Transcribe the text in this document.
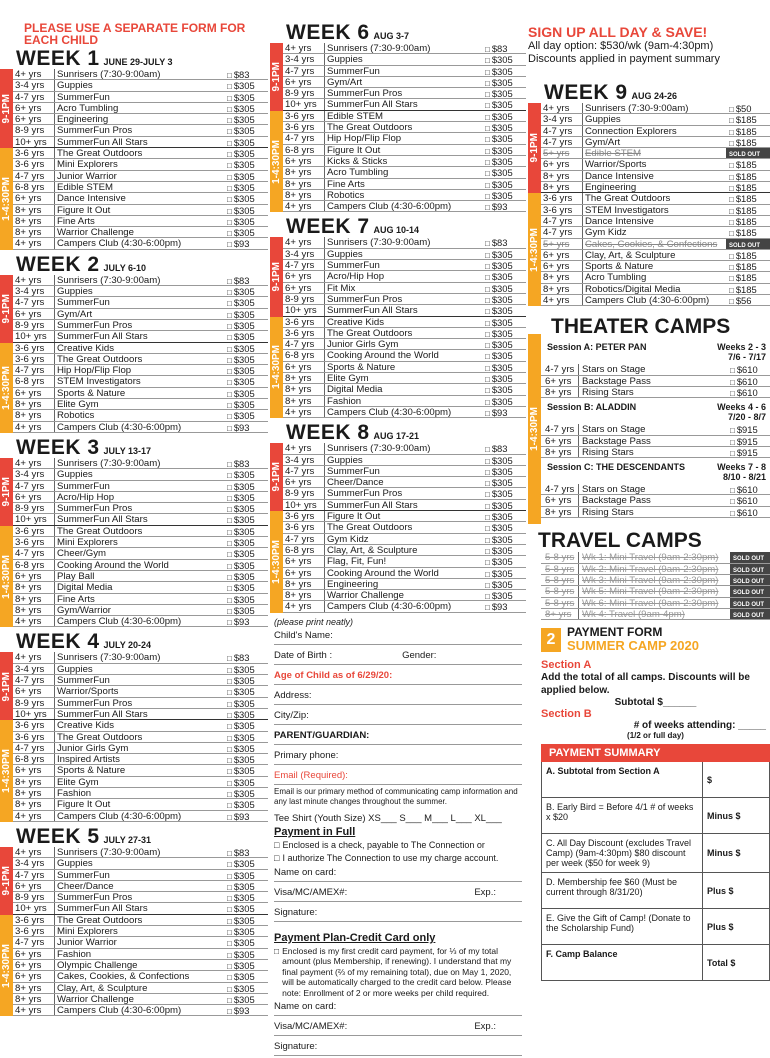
PLEASE USE A SEPARATE FORM FOR EACH CHILD
9-1PM
1-4:30PM
WEEK 1 JUNE 29-JULY 3
4+ yrs	Sunrisers (7:30-9:00am)	□ $83
3-4 yrs	Guppies	□ $305
4-7 yrs	SummerFun	□ $305
6+ yrs	Acro Tumbling	□ $305
6+ yrs	Engineering	□ $305
8-9 yrs	SummerFun Pros	□ $305
10+ yrs	SummerFun All Stars	□ $305
3-6 yrs	The Great Outdoors	□ $305
3-6 yrs	Mini Explorers	□ $305
4-7 yrs	Junior Warrior	□ $305
6-8 yrs	Edible STEM	□ $305
6+ yrs	Dance Intensive	□ $305
8+ yrs	Figure It Out	□ $305
8+ yrs	Fine Arts	□ $305
8+ yrs	Warrior Challenge	□ $305
4+ yrs	Campers Club (4:30-6:00pm)	□ $93
9-1PM
1-4:30PM
WEEK 2 JULY 6-10
4+ yrs	Sunrisers (7:30-9:00am)	□ $83
3-4 yrs	Guppies	□ $305
4-7 yrs	SummerFun	□ $305
6+ yrs	Gym/Art	□ $305
8-9 yrs	SummerFun Pros	□ $305
10+ yrs	SummerFun All Stars	□ $305
3-6 yrs	Creative Kids	□ $305
3-6 yrs	The Great Outdoors	□ $305
4-7 yrs	Hip Hop/Flip Flop	□ $305
6-8 yrs	STEM Investigators	□ $305
6+ yrs	Sports & Nature	□ $305
8+ yrs	Elite Gym	□ $305
8+ yrs	Robotics	□ $305
4+ yrs	Campers Club (4:30-6:00pm)	□ $93
9-1PM
1-4:30PM
WEEK 3 JULY 13-17
4+ yrs	Sunrisers (7:30-9:00am)	□ $83
3-4 yrs	Guppies	□ $305
4-7 yrs	SummerFun	□ $305
6+ yrs	Acro/Hip Hop	□ $305
8-9 yrs	SummerFun Pros	□ $305
10+ yrs	SummerFun All Stars	□ $305
3-6 yrs	The Great Outdoors	□ $305
3-6 yrs	Mini Explorers	□ $305
4-7 yrs	Cheer/Gym	□ $305
6-8 yrs	Cooking Around the World	□ $305
6+ yrs	Play Ball	□ $305
8+ yrs	Digital Media	□ $305
8+ yrs	Fine Arts	□ $305
8+ yrs	Gym/Warrior	□ $305
4+ yrs	Campers Club (4:30-6:00pm)	□ $93
9-1PM
1-4:30PM
WEEK 4 JULY 20-24
4+ yrs	Sunrisers (7:30-9:00am)	□ $83
3-4 yrs	Guppies	□ $305
4-7 yrs	SummerFun	□ $305
6+ yrs	Warrior/Sports	□ $305
8-9 yrs	SummerFun Pros	□ $305
10+ yrs	SummerFun All Stars	□ $305
3-6 yrs	Creative Kids	□ $305
3-6 yrs	The Great Outdoors	□ $305
4-7 yrs	Junior Girls Gym	□ $305
6-8 yrs	Inspired Artists	□ $305
6+ yrs	Sports & Nature	□ $305
8+ yrs	Elite Gym	□ $305
8+ yrs	Fashion	□ $305
8+ yrs	Figure It Out	□ $305
4+ yrs	Campers Club (4:30-6:00pm)	□ $93
9-1PM
1-4:30PM
WEEK 5 JULY 27-31
4+ yrs	Sunrisers (7:30-9:00am)	□ $83
3-4 yrs	Guppies	□ $305
4-7 yrs	SummerFun	□ $305
6+ yrs	Cheer/Dance	□ $305
8-9 yrs	SummerFun Pros	□ $305
10+ yrs	SummerFun All Stars	□ $305
3-6 yrs	The Great Outdoors	□ $305
3-6 yrs	Mini Explorers	□ $305
4-7 yrs	Junior Warrior	□ $305
6+ yrs	Fashion	□ $305
6+ yrs	Olympic Challenge	□ $305
6+ yrs	Cakes, Cookies, & Confections	□ $305
8+ yrs	Clay, Art, & Sculpture	□ $305
8+ yrs	Warrior Challenge	□ $305
4+ yrs	Campers Club (4:30-6:00pm)	□ $93
9-1PM
1-4:30PM
WEEK 6 AUG 3-7
4+ yrs	Sunrisers (7:30-9:00am)	□ $83
3-4 yrs	Guppies	□ $305
4-7 yrs	SummerFun	□ $305
6+ yrs	Gym/Art	□ $305
8-9 yrs	SummerFun Pros	□ $305
10+ yrs	SummerFun All Stars	□ $305
3-6 yrs	Edible STEM	□ $305
3-6 yrs	The Great Outdoors	□ $305
4-7 yrs	Hip Hop/Flip Flop	□ $305
6-8 yrs	Figure It Out	□ $305
6+ yrs	Kicks & Sticks	□ $305
8+ yrs	Acro Tumbling	□ $305
8+ yrs	Fine Arts	□ $305
8+ yrs	Robotics	□ $305
4+ yrs	Campers Club (4:30-6:00pm)	□ $93
9-1PM
1-4:30PM
WEEK 7 AUG 10-14
4+ yrs	Sunrisers (7:30-9:00am)	□ $83
3-4 yrs	Guppies	□ $305
4-7 yrs	SummerFun	□ $305
6+ yrs	Acro/Hip Hop	□ $305
6+ yrs	Fit Mix	□ $305
8-9 yrs	SummerFun Pros	□ $305
10+ yrs	SummerFun All Stars	□ $305
3-6 yrs	Creative Kids	□ $305
3-6 yrs	The Great Outdoors	□ $305
4-7 yrs	Junior Girls Gym	□ $305
6-8 yrs	Cooking Around the World	□ $305
6+ yrs	Sports & Nature	□ $305
8+ yrs	Elite Gym	□ $305
8+ yrs	Digital Media	□ $305
8+ yrs	Fashion	□ $305
4+ yrs	Campers Club (4:30-6:00pm)	□ $93
9-1PM
1-4:30PM
WEEK 8 AUG 17-21
4+ yrs	Sunrisers (7:30-9:00am)	□ $83
3-4 yrs	Guppies	□ $305
4-7 yrs	SummerFun	□ $305
6+ yrs	Cheer/Dance	□ $305
8-9 yrs	SummerFun Pros	□ $305
10+ yrs	SummerFun All Stars	□ $305
3-6 yrs	Figure It Out	□ $305
3-6 yrs	The Great Outdoors	□ $305
4-7 yrs	Gym Kidz	□ $305
6-8 yrs	Clay, Art, & Sculpture	□ $305
6+ yrs	Flag, Fit, Fun!	□ $305
6+ yrs	Cooking Around the World	□ $305
8+ yrs	Engineering	□ $305
8+ yrs	Warrior Challenge	□ $305
4+ yrs	Campers Club (4:30-6:00pm)	□ $93
(please print neatly)
Child's Name:
Date of Birth :	Gender:
Age of Child as of 6/29/20:
Address:
City/Zip:
PARENT/GUARDIAN:
Primary phone:
Email (Required):
Email is our primary method of communicating camp information and any last minute changes throughout the summer.
Tee Shirt (Youth Size) XS___ S___ M___ L___ XL___
Payment in Full
□ Enclosed is a check, payable to The Connection or
□ I authorize The Connection to use my charge account.
Name on card:
Visa/MC/AMEX#:	Exp.:
Signature:
Payment Plan-Credit Card only
□ Enclosed is my first credit card payment, for ⅓ of my total amount (plus Membership, if renewing). I understand that my final payment (⅔ of my remaining total), due on May 1, 2020, will be automatically charged to the credit card below. Please note: Enrollment of 2 or more weeks per child required.
Name on card:
Visa/MC/AMEX#:	Exp.:
Signature:
SIGN UP ALL DAY & SAVE!
All day option: $530/wk (9am-4:30pm)
Discounts applied in payment summary
9-1PM
1-4:30PM
WEEK 9 AUG 24-26
4+ yrs	Sunrisers (7:30-9:00am)	□ $50
3-4 yrs	Guppies	□ $185
4-7 yrs	Connection Explorers	□ $185
4-7 yrs	Gym/Art	□ $185
5+ yrs	Edible STEM	SOLD OUT
6+ yrs	Warrior/Sports	□ $185
8+ yrs	Dance Intensive	□ $185
8+ yrs	Engineering	□ $185
3-6 yrs	The Great Outdoors	□ $185
3-6 yrs	STEM Investigators	□ $185
4-7 yrs	Dance Intensive	□ $185
4-7 yrs	Gym Kidz	□ $185
5+ yrs	Cakes, Cookies, & Confections	SOLD OUT
6+ yrs	Clay, Art, & Sculpture	□ $185
6+ yrs	Sports & Nature	□ $185
8+ yrs	Acro Tumbling	□ $185
8+ yrs	Robotics/Digital Media	□ $185
4+ yrs	Campers Club (4:30-6:00pm)	□ $56
1-4:30PM
THEATER CAMPS
Session A: PETER PAN	Weeks 2 - 3
7/6 - 7/17
4-7 yrs Stars on Stage	□ $610
6+ yrs	Backstage Pass	□ $610
8+ yrs	Rising Stars	□ $610
Session B: ALADDIN	Weeks 4 - 6
7/20 - 8/7
4-7 yrs Stars on Stage	□ $915
6+ yrs	Backstage Pass	□ $915
8+ yrs	Rising Stars	□ $915
Session C: THE DESCENDANTS	Weeks 7 - 8
8/10 - 8/21
4-7 yrs Stars on Stage	□ $610
6+ yrs	Backstage Pass	□ $610
8+ yrs	Rising Stars	□ $610
TRAVEL CAMPS
5-8 yrs Wk 1: Mini Travel (9am-2:30pm)	SOLD OUT
5-8 yrs Wk 2: Mini Travel (9am-2:30pm)	SOLD OUT
5-8 yrs Wk 3: Mini Travel (9am-2:30pm)	SOLD OUT
5-8 yrs Wk 5: Mini Travel (9am-2:30pm)	SOLD OUT
5-8 yrs Wk 6: Mini Travel (9am-2:30pm)	SOLD OUT
8+ yrs	Wk 4: Travel (9am-4pm)	SOLD OUT
2 PAYMENT FORM
SUMMER CAMP 2020
Section A
Add the total of all camps. Discounts will be applied below.
Subtotal $______
Section B
# of weeks attending: _____
(1/2 or full day)
PAYMENT SUMMARY
A. Subtotal from Section A
$
B. Early Bird = Before 4/1 # of weeks x $20	Minus $
C. All Day Discount (excludes Travel Camp) (9am-4:30pm) $80 discount per week ($50 for week 9)
Minus $
D. Membership fee $60 (Must be current through 8/31/20)	Plus $
E. Give the Gift of Camp! (Donate to the Scholarship Fund)	Plus $
F. Camp Balance
Total $
